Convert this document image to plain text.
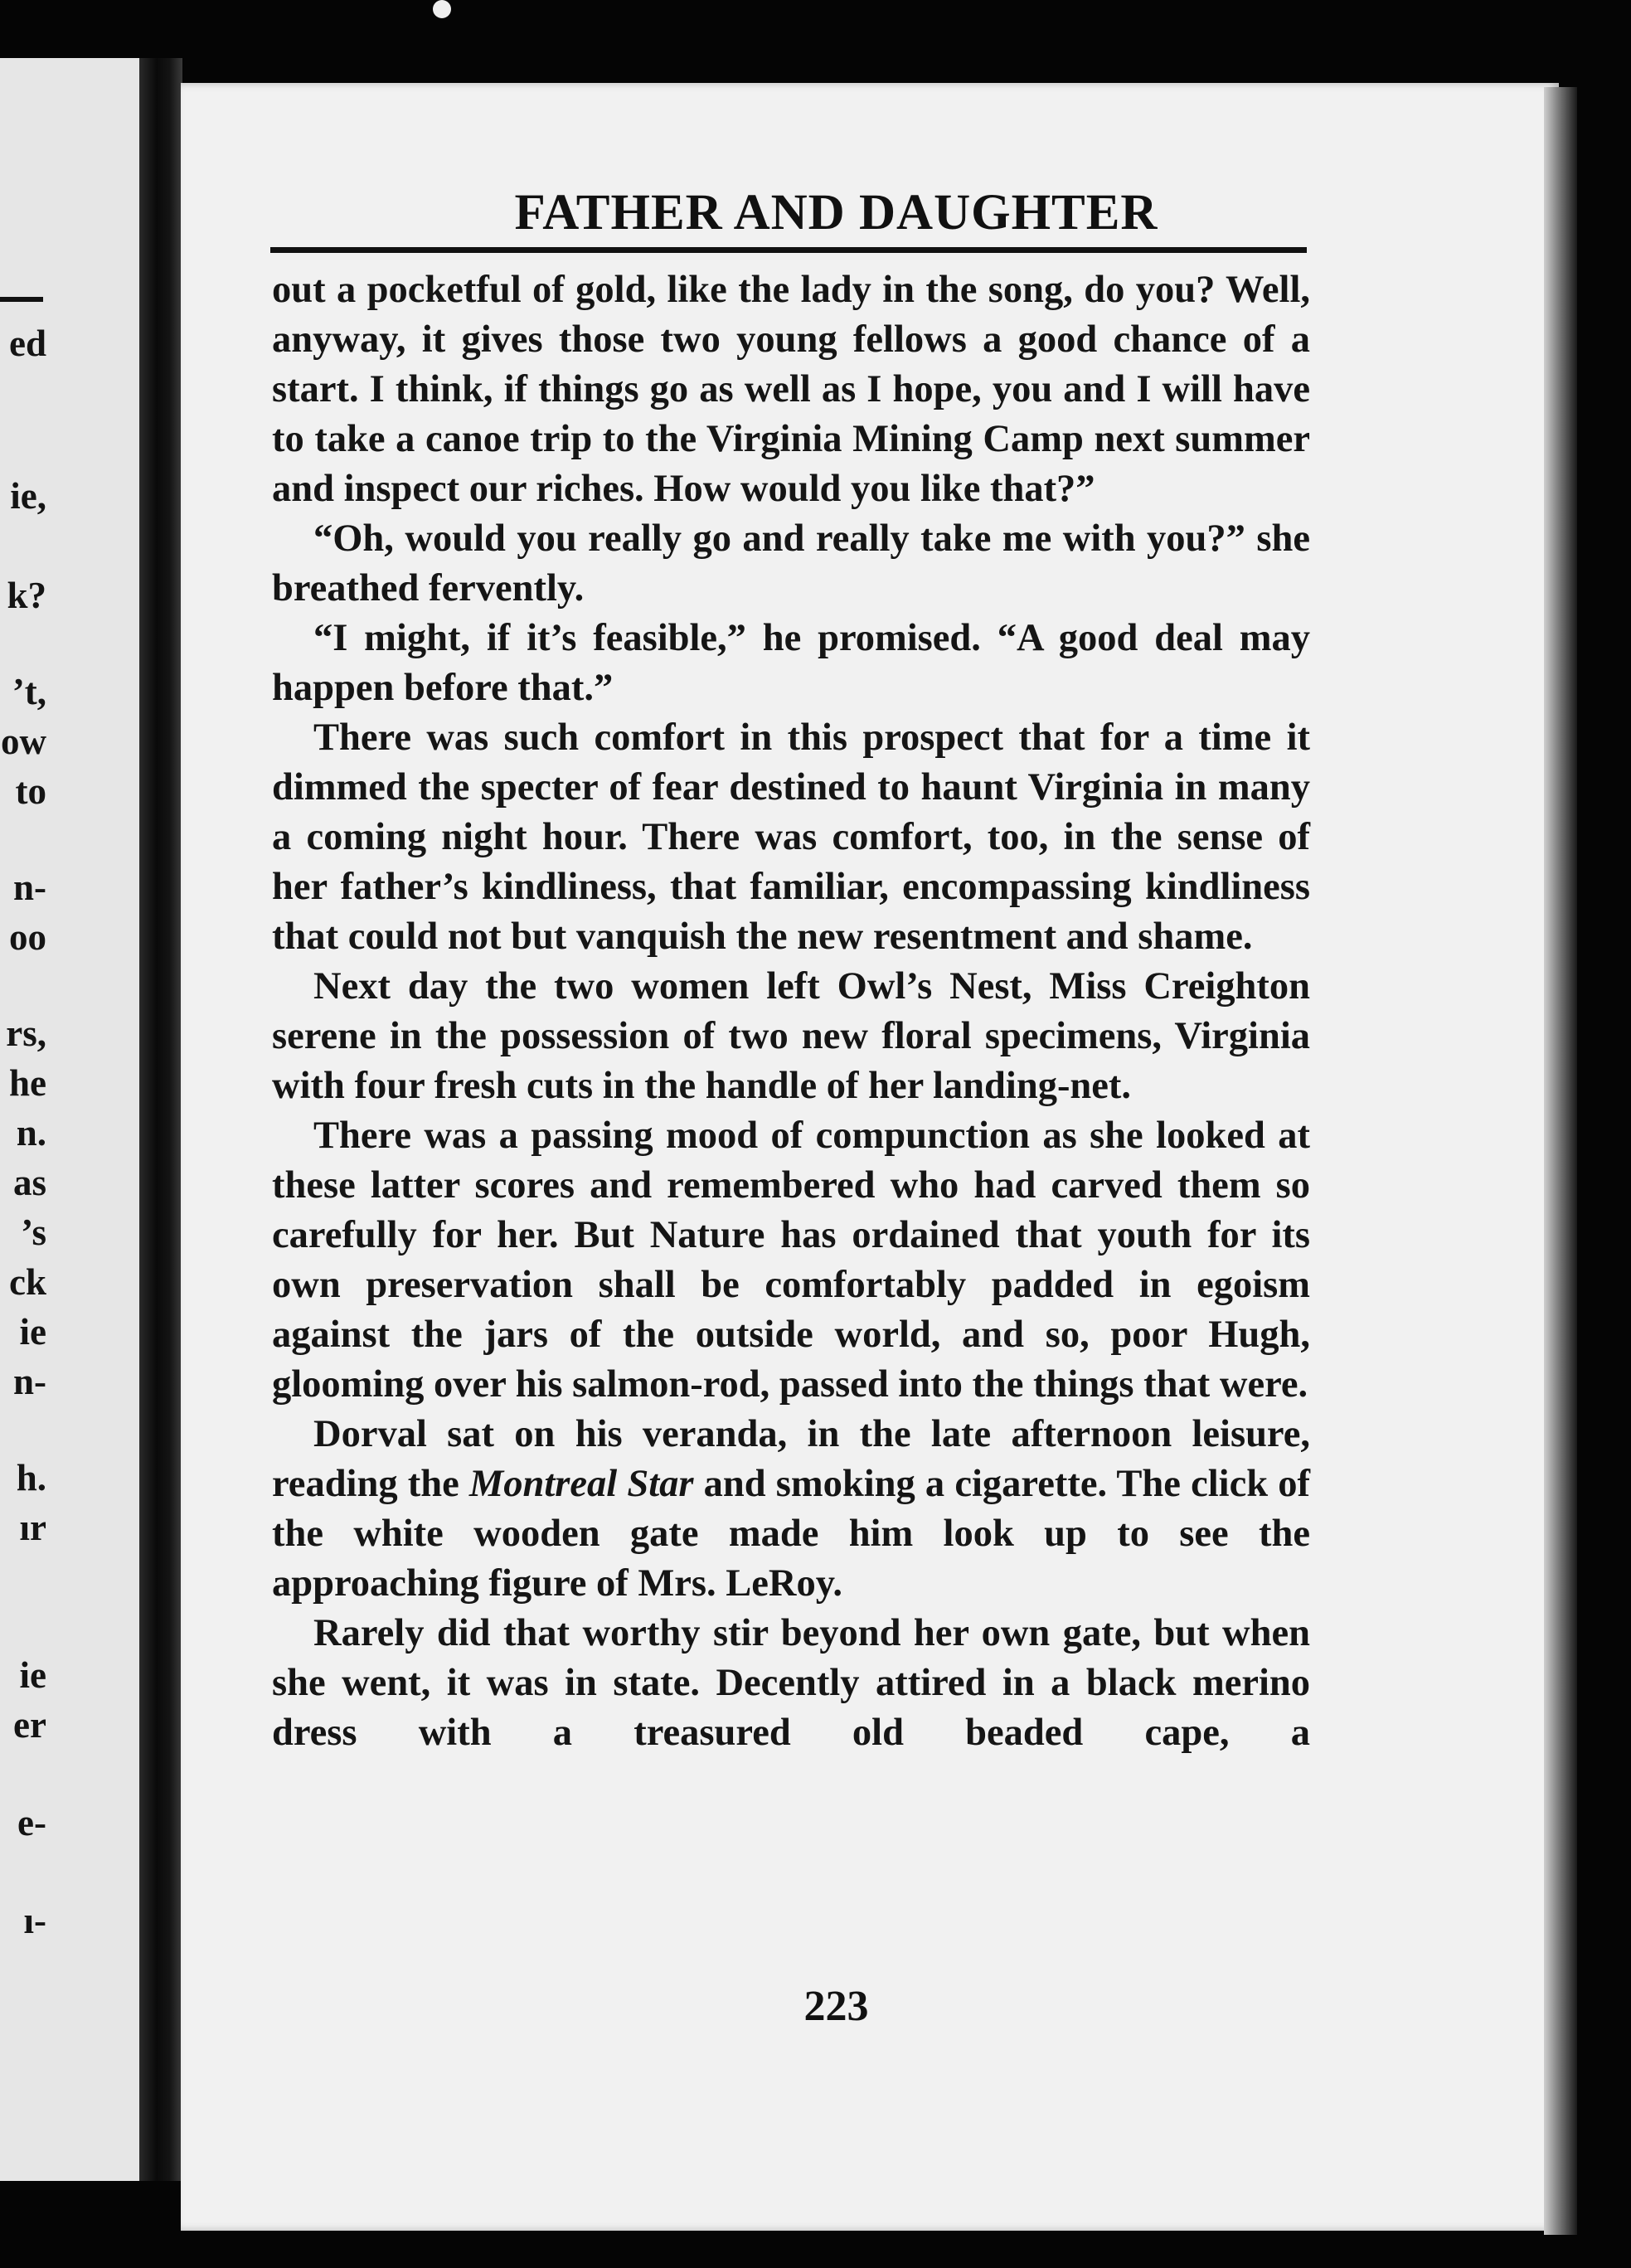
ed
ie,
k?
’t,
ow
to
n-
oo
rs,
he
n.
as
’s
ck
ie
n-
h.
ır
ie
er
e-
ı-
FATHER AND DAUGHTER

out a pocketful of gold, like the lady in the song, do you? Well, anyway, it gives those two young fellows a good chance of a start. I think, if things go as well as I hope, you and I will have to take a canoe trip to the Virginia Mining Camp next summer and inspect our riches. How would you like that?”

“Oh, would you really go and really take me with you?” she breathed fervently.

“I might, if it’s feasible,” he promised. “A good deal may happen before that.”

There was such comfort in this prospect that for a time it dimmed the specter of fear destined to haunt Virginia in many a coming night hour. There was comfort, too, in the sense of her father’s kindliness, that familiar, encompassing kindliness that could not but vanquish the new resentment and shame.

Next day the two women left Owl’s Nest, Miss Creighton serene in the possession of two new floral specimens, Virginia with four fresh cuts in the handle of her landing-net.

There was a passing mood of compunction as she looked at these latter scores and remembered who had carved them so carefully for her. But Nature has ordained that youth for its own preservation shall be comfortably padded in egoism against the jars of the outside world, and so, poor Hugh, glooming over his salmon-rod, passed into the things that were.

Dorval sat on his veranda, in the late afternoon leisure, reading the Montreal Star and smoking a cigarette. The click of the white wooden gate made him look up to see the approaching figure of Mrs. LeRoy.

Rarely did that worthy stir beyond her own gate, but when she went, it was in state. Decently attired in a black merino dress with a treasured old beaded cape, a

223
